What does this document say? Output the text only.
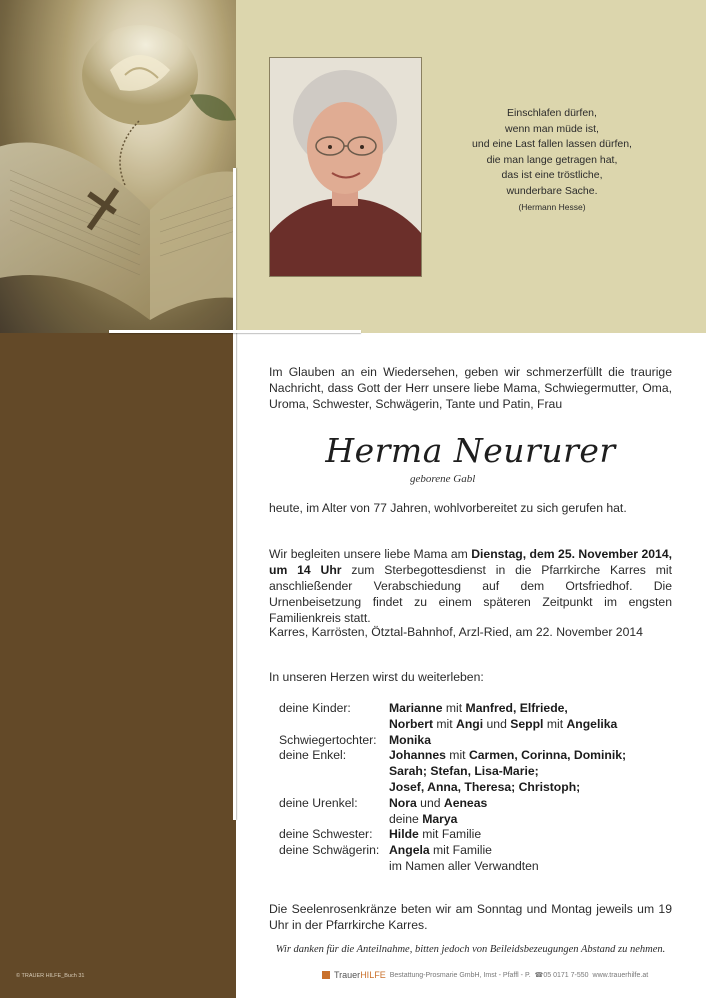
Einschlafen dürfen,
wenn man müde ist,
und eine Last fallen lassen dürfen,
die man lange getragen hat,
das ist eine tröstliche,
wunderbare Sache.
(Hermann Hesse)
Im Glauben an ein Wiedersehen, geben wir schmerzerfüllt die traurige Nachricht, dass Gott der Herr unsere liebe Mama, Schwiegermutter, Oma, Uroma, Schwester, Schwägerin, Tante und Patin, Frau
Herma Neururer
geborene Gabl
heute, im Alter von 77 Jahren, wohlvorbereitet zu sich gerufen hat.
Wir begleiten unsere liebe Mama am Dienstag, dem 25. November 2014, um 14 Uhr zum Sterbegottesdienst in die Pfarrkirche Karres mit anschließender Verabschiedung auf dem Ortsfriedhof. Die Urnenbeisetzung findet zu einem späteren Zeitpunkt im engsten Familienkreis statt.
Karres, Karrösten, Ötztal-Bahnhof, Arzl-Ried, am 22. November 2014
In unseren Herzen wirst du weiterleben:
deine Kinder:	Marianne mit Manfred, Elfriede,
Norbert mit Angi und Seppl mit Angelika
Schwiegertochter:	Monika
deine Enkel:	Johannes mit Carmen, Corinna, Dominik;
Sarah; Stefan, Lisa-Marie;
Josef, Anna, Theresa; Christoph;
deine Urenkel:	Nora und Aeneas
deine Marya
deine Schwester:	Hilde mit Familie
deine Schwägerin: Angela mit Familie
im Namen aller Verwandten
Die Seelenrosenkränze beten wir am Sonntag und Montag jeweils um 19 Uhr in der Pfarrkirche Karres.
Wir danken für die Anteilnahme, bitten jedoch von Beileidsbezeugungen Abstand zu nehmen.
TrauerHILFE Bestattung-Prosmarie GmbH, Imst - Pfaffl - P. ☎05 0171 7-550 www.trauerhilfe.at
© TRAUER HILFE_Buch 31
